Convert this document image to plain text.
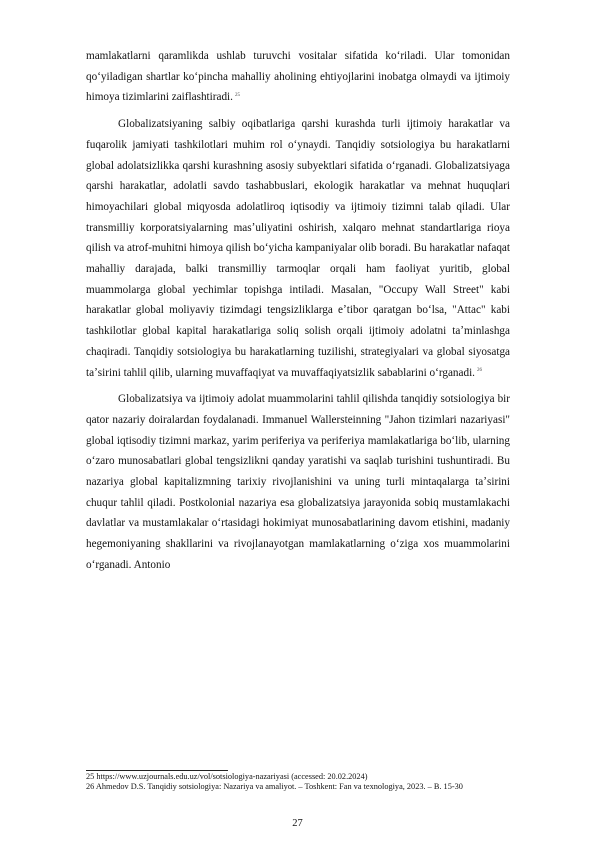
mamlakatlarni qaramlikda ushlab turuvchi vositalar sifatida koʻriladi. Ular tomonidan qoʻyiladigan shartlar koʻpincha mahalliy aholining ehtiyojlarini inobatga olmaydi va ijtimoiy himoya tizimlarini zaiflashtiradi. $^{25}$

Globalizatsiyaning salbiy oqibatlariga qarshi kurashda turli ijtimoiy harakatlar va fuqarolik jamiyati tashkilotlari muhim rol oʻynaydi. Tanqidiy sotsiologiya bu harakatlarni global adolatsizlikka qarshi kurashning asosiy subyektlari sifatida oʻrganadi. Globalizatsiyaga qarshi harakatlar, adolatli savdo tashabbuslari, ekologik harakatlar va mehnat huquqlari himoyachilari global miqyosda adolatliroq iqtisodiy va ijtimoiy tizimni talab qiladi. Ular transmilliy korporatsiyalarning masʼuliyatini oshirish, xalqaro mehnat standartlariga rioya qilish va atrof-muhitni himoya qilish boʻyicha kampaniyalar olib boradi. Bu harakatlar nafaqat mahalliy darajada, balki transmilliy tarmoqlar orqali ham faoliyat yuritib, global muammolarga global yechimlar topishga intiladi. Masalan, "Occupy Wall Street" kabi harakatlar global moliyaviy tizimdagi tengsizliklarga eʼtibor qaratgan boʻlsa, "Attac" kabi tashkilotlar global kapital harakatlariga soliq solish orqali ijtimoiy adolatni taʼminlashga chaqiradi. Tanqidiy sotsiologiya bu harakatlarning tuzilishi, strategiyalari va global siyosatga taʼsirini tahlil qilib, ularning muvaffaqiyat va muvaffaqiyatsizlik sabablarini oʻrganadi. $^{26}$

Globalizatsiya va ijtimoiy adolat muammolarini tahlil qilishda tanqidiy sotsiologiya bir qator nazariy doiralardan foydalanadi. Immanuel Wallersteinning "Jahon tizimlari nazariyasi" global iqtisodiy tizimni markaz, yarim periferiya va periferiya mamlakatlariga boʻlib, ularning oʻzaro munosabatlari global tengsizlikni qanday yaratishi va saqlab turishini tushuntiradi. Bu nazariya global kapitalizmning tarixiy rivojlanishini va uning turli mintaqalarga taʼsirini chuqur tahlil qiladi. Postkolonial nazariya esa globalizatsiya jarayonida sobiq mustamlakachi davlatlar va mustamlakalar oʻrtasidagi hokimiyat munosabatlarining davom etishini, madaniy hegemoniyaning shakllarini va rivojlanayotgan mamlakatlarning oʻziga xos muammolarini oʻrganadi. Antonio

25 https://www.uzjournals.edu.uz/vol/sotsiologiya-nazariyasi (accessed: 20.02.2024)

26 Ahmedov D.S. Tanqidiy sotsiologiya: Nazariya va amaliyot. – Toshkent: Fan va texnologiya, 2023. – B. 15-30

27
